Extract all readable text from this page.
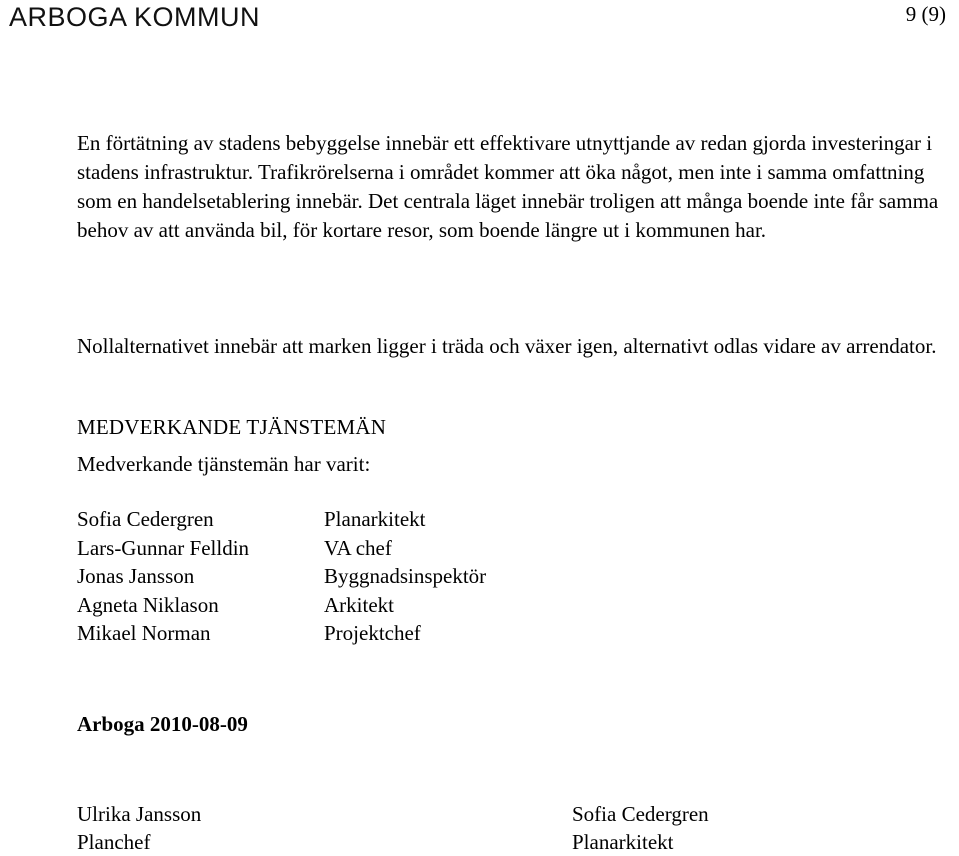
ARBOGA KOMMUN	9 (9)

En förtätning av stadens bebyggelse innebär ett effektivare utnyttjande av redan gjorda investeringar i stadens infrastruktur. Trafikrörelserna i området kommer att öka något, men inte i samma omfattning som en handelsetablering innebär. Det centrala läget innebär troligen att många boende inte får samma behov av att använda bil, för kortare resor, som boende längre ut i kommunen har.

Nollalternativet innebär att marken ligger i träda och växer igen, alternativt odlas vidare av arrendator.

MEDVERKANDE TJÄNSTEMÄN

Medverkande tjänstemän har varit:

Sofia Cedergren	Planarkitekt
Lars-Gunnar Felldin	VA chef
Jonas Jansson	Byggnadsinspektör
Agneta Niklason	Arkitekt
Mikael Norman	Projektchef

Arboga 2010-08-09

Ulrika Jansson
Planchef
Sofia Cedergren
Planarkitekt
